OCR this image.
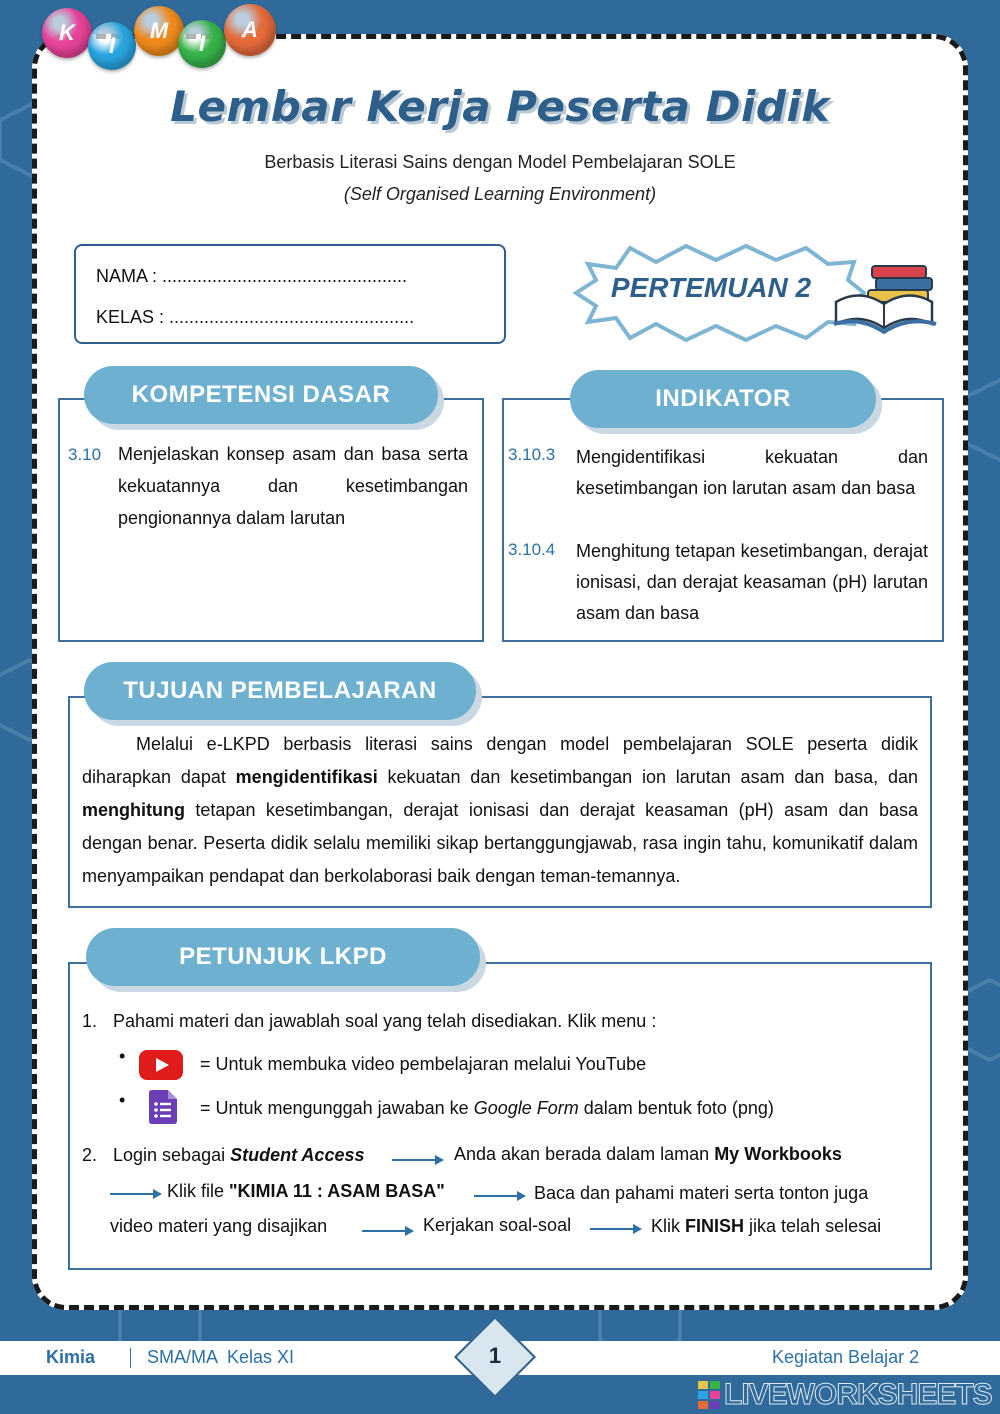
K
I
M
I
A
Lembar Kerja Peserta Didik
Berbasis Literasi Sains dengan Model Pembelajaran SOLE
(Self Organised Learning Environment)
NAMA : .................................................
KELAS : .................................................
PERTEMUAN 2
KOMPETENSI DASAR
3.10 Menjelaskan konsep asam dan basa serta kekuatannya dan kesetimbangan pengionannya dalam larutan
INDIKATOR
3.10.3 Mengidentifikasi kekuatan dan kesetimbangan ion larutan asam dan basa
3.10.4 Menghitung tetapan kesetimbangan, derajat ionisasi, dan derajat keasaman (pH) larutan asam dan basa
TUJUAN PEMBELAJARAN
Melalui e-LKPD berbasis literasi sains dengan model pembelajaran SOLE peserta didik diharapkan dapat mengidentifikasi kekuatan dan kesetimbangan ion larutan asam dan basa, dan menghitung tetapan kesetimbangan, derajat ionisasi dan derajat keasaman (pH) asam dan basa dengan benar. Peserta didik selalu memiliki sikap bertanggungjawab, rasa ingin tahu, komunikatif dalam menyampaikan pendapat dan berkolaborasi baik dengan teman-temannya.
PETUNJUK LKPD
1. Pahami materi dan jawablah soal yang telah disediakan. Klik menu :
•	= Untuk membuka video pembelajaran melalui YouTube
•	= Untuk mengunggah jawaban ke Google Form dalam bentuk foto (png)
2. Login sebagai Student Access	Anda akan berada dalam laman My Workbooks
Klik file "KIMIA 11 : ASAM BASA"	Baca dan pahami materi serta tonton juga
video materi yang disajikan	Kerjakan soal-soal	Klik FINISH jika telah selesai
Kimia	SMA/MA  Kelas XI	1	Kegiatan Belajar 2
LIVEWORKSHEETS
